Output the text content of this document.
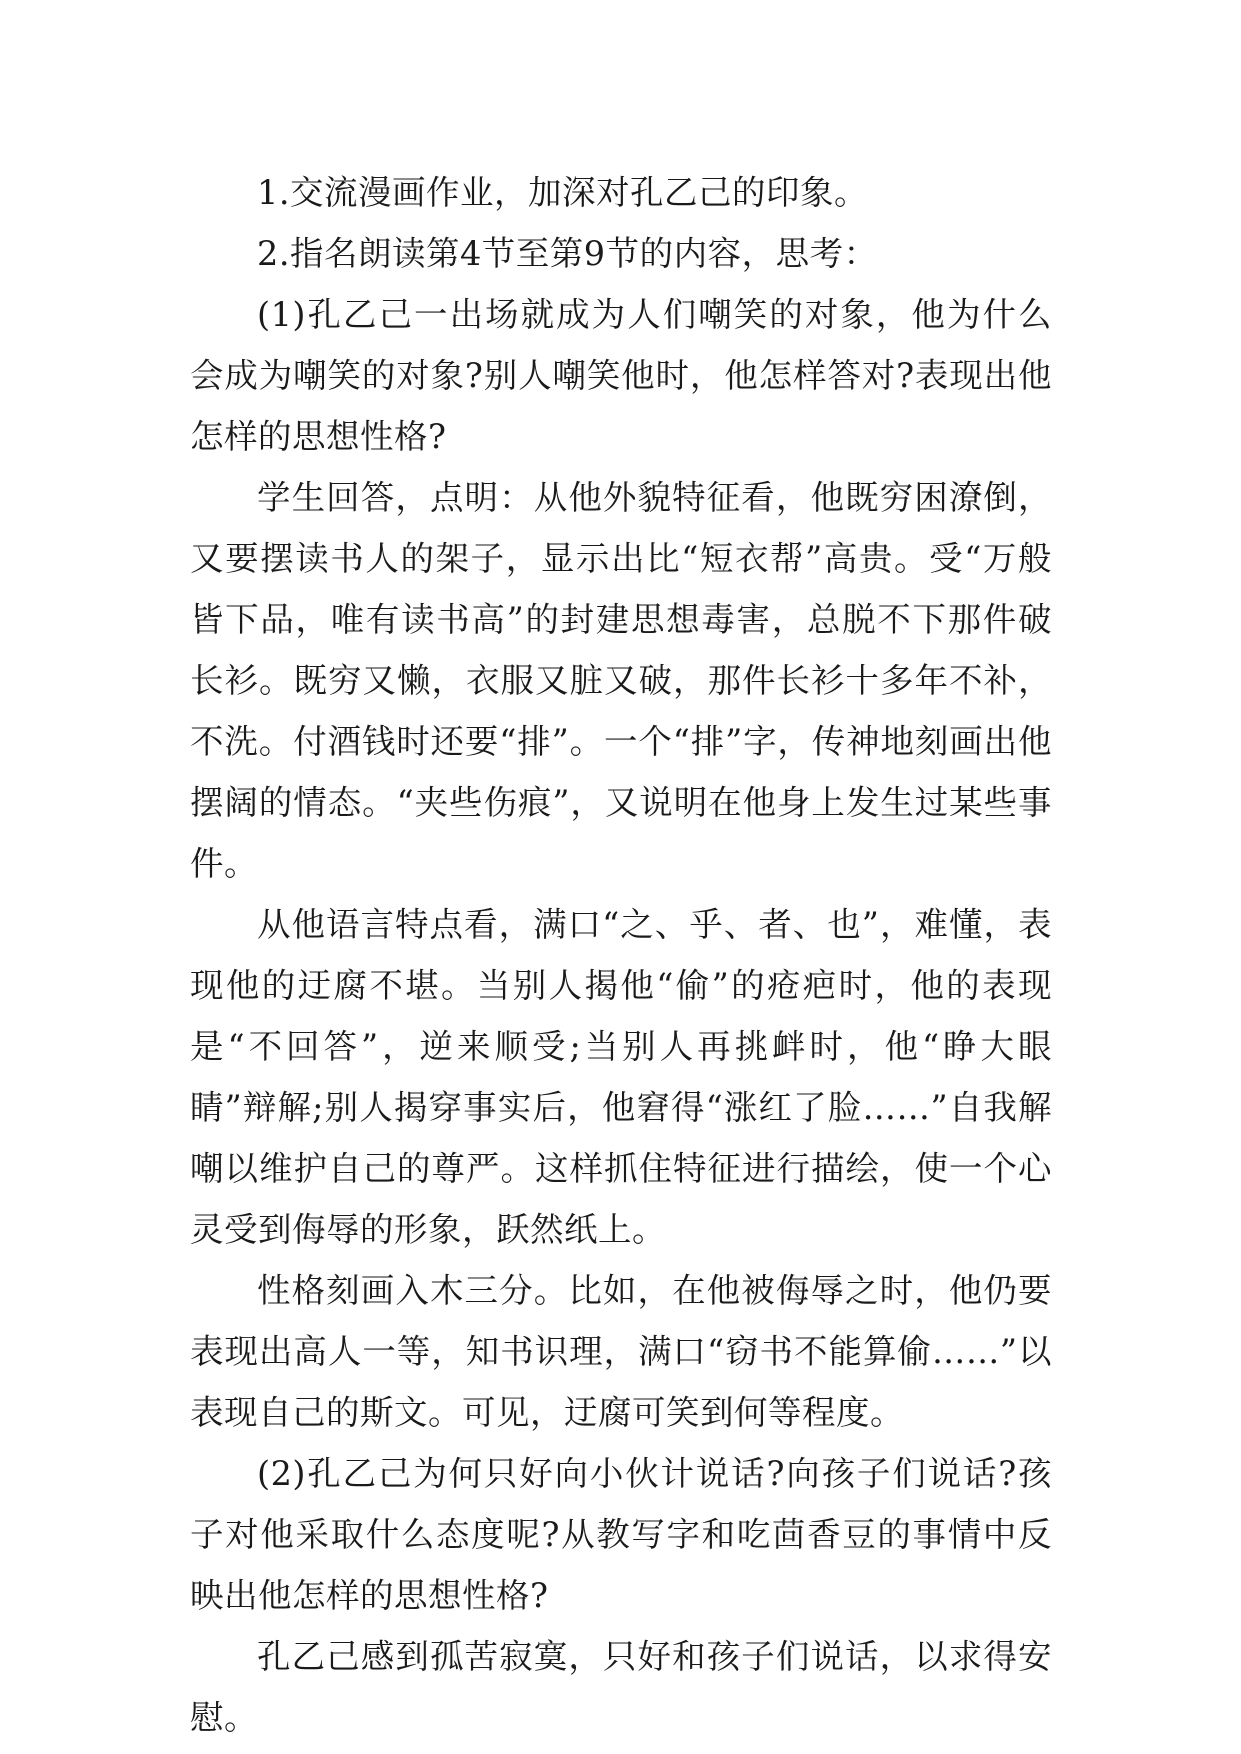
1.交流漫画作业，加深对孔乙己的印象。

2.指名朗读第4节至第9节的内容，思考：

(1)孔乙己一出场就成为人们嘲笑的对象，他为什么会成为嘲笑的对象?别人嘲笑他时，他怎样答对?表现出他怎样的思想性格?

学生回答，点明：从他外貌特征看，他既穷困潦倒，又要摆读书人的架子，显示出比“短衣帮”高贵。受“万般皆下品，唯有读书高”的封建思想毒害，总脱不下那件破长衫。既穷又懒，衣服又脏又破，那件长衫十多年不补，不洗。付酒钱时还要“排”。一个“排”字，传神地刻画出他摆阔的情态。“夹些伤痕”，又说明在他身上发生过某些事件。

从他语言特点看，满口“之、乎、者、也”，难懂，表现他的迂腐不堪。当别人揭他“偷”的疮疤时，他的表现是“不回答”，逆来顺受;当别人再挑衅时，他“睁大眼睛”辩解;别人揭穿事实后，他窘得“涨红了脸……”自我解嘲以维护自己的尊严。这样抓住特征进行描绘，使一个心灵受到侮辱的形象，跃然纸上。

性格刻画入木三分。比如，在他被侮辱之时，他仍要表现出高人一等，知书识理，满口“窃书不能算偷……”以表现自己的斯文。可见，迂腐可笑到何等程度。

(2)孔乙己为何只好向小伙计说话?向孩子们说话?孩子对他采取什么态度呢?从教写字和吃茴香豆的事情中反映出他怎样的思想性格?

孔乙己感到孤苦寂寞，只好和孩子们说话，以求得安慰。
